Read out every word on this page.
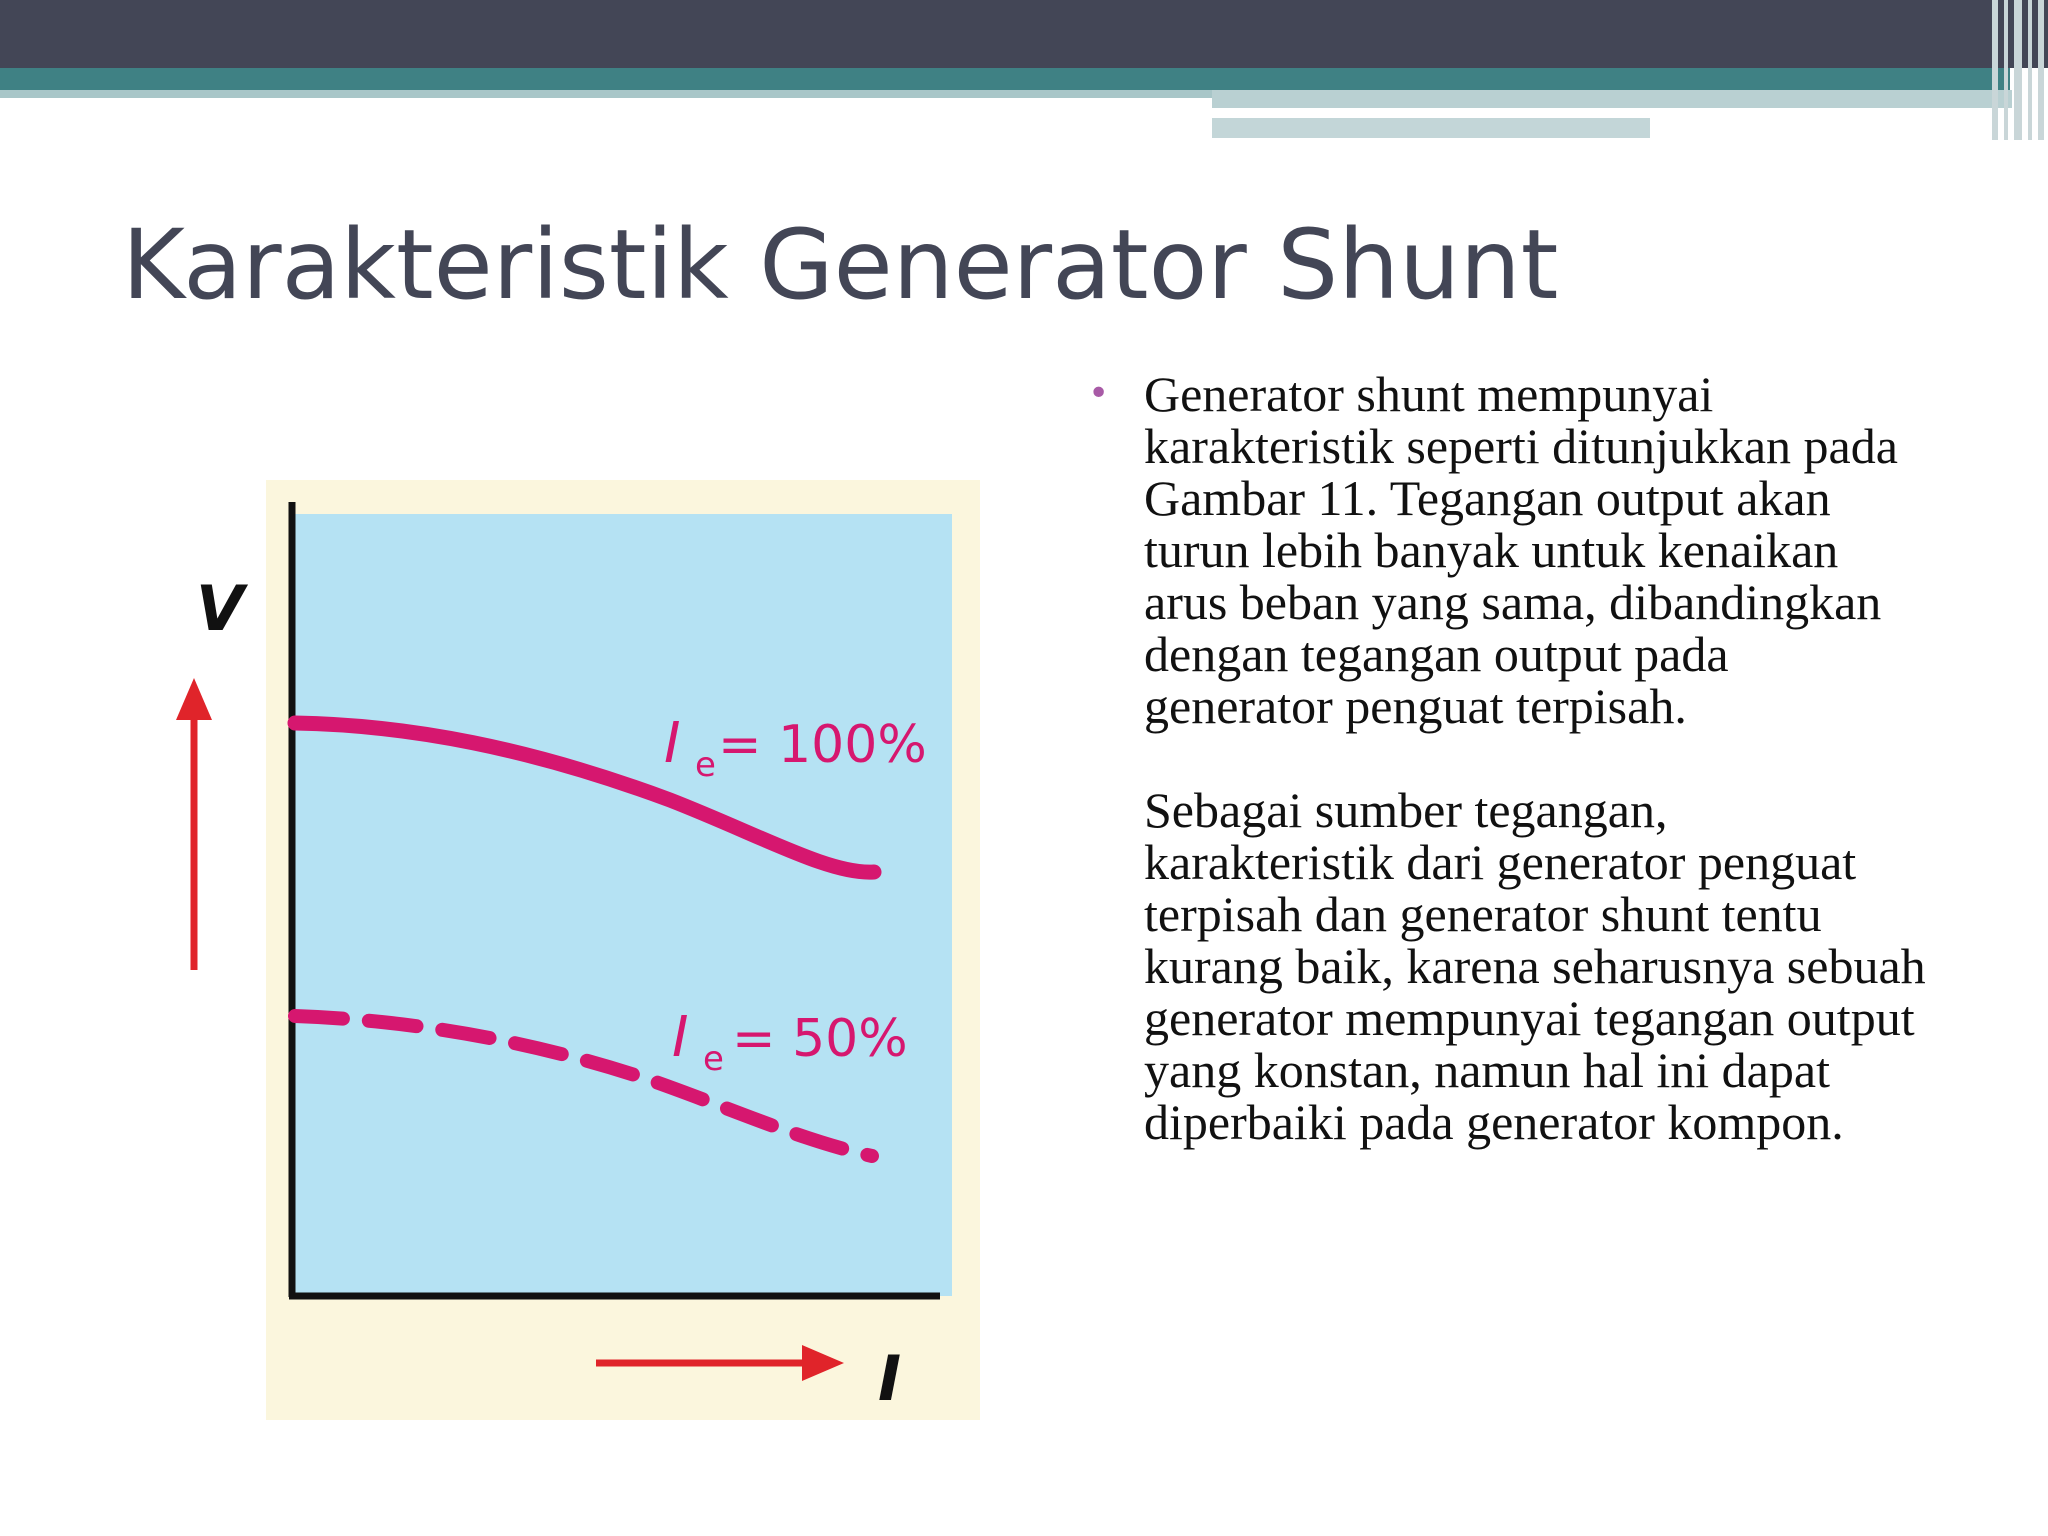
Karakteristik Generator Shunt
V
I
I e = 100%
I e = 50%
• Generator shunt mempunyai karakteristik seperti ditunjukkan pada Gambar 11. Tegangan output akan turun lebih banyak untuk kenaikan arus beban yang sama, dibandingkan dengan tegangan output pada generator penguat terpisah.

Sebagai sumber tegangan, karakteristik dari generator penguat terpisah dan generator shunt tentu kurang baik, karena seharusnya sebuah generator mempunyai tegangan output yang konstan, namun hal ini dapat diperbaiki pada generator kompon.
